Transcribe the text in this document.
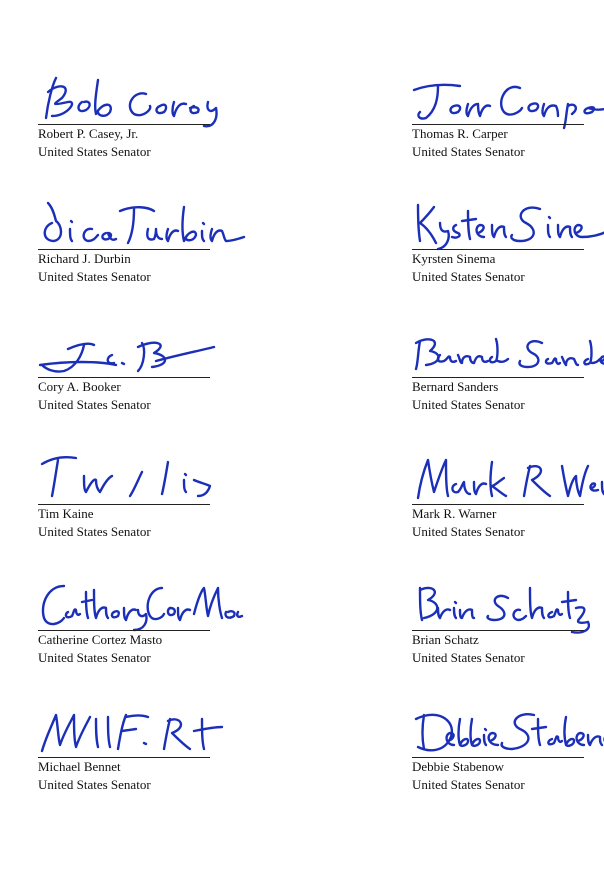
Robert P. Casey, Jr.
United States Senator
Thomas R. Carper
United States Senator
Richard J. Durbin
United States Senator
Kyrsten Sinema
United States Senator
Cory A. Booker
United States Senator
Bernard Sanders
United States Senator
Tim Kaine
United States Senator
Mark R. Warner
United States Senator
Catherine Cortez Masto
United States Senator
Brian Schatz
United States Senator
Michael Bennet
United States Senator
Debbie Stabenow
United States Senator
